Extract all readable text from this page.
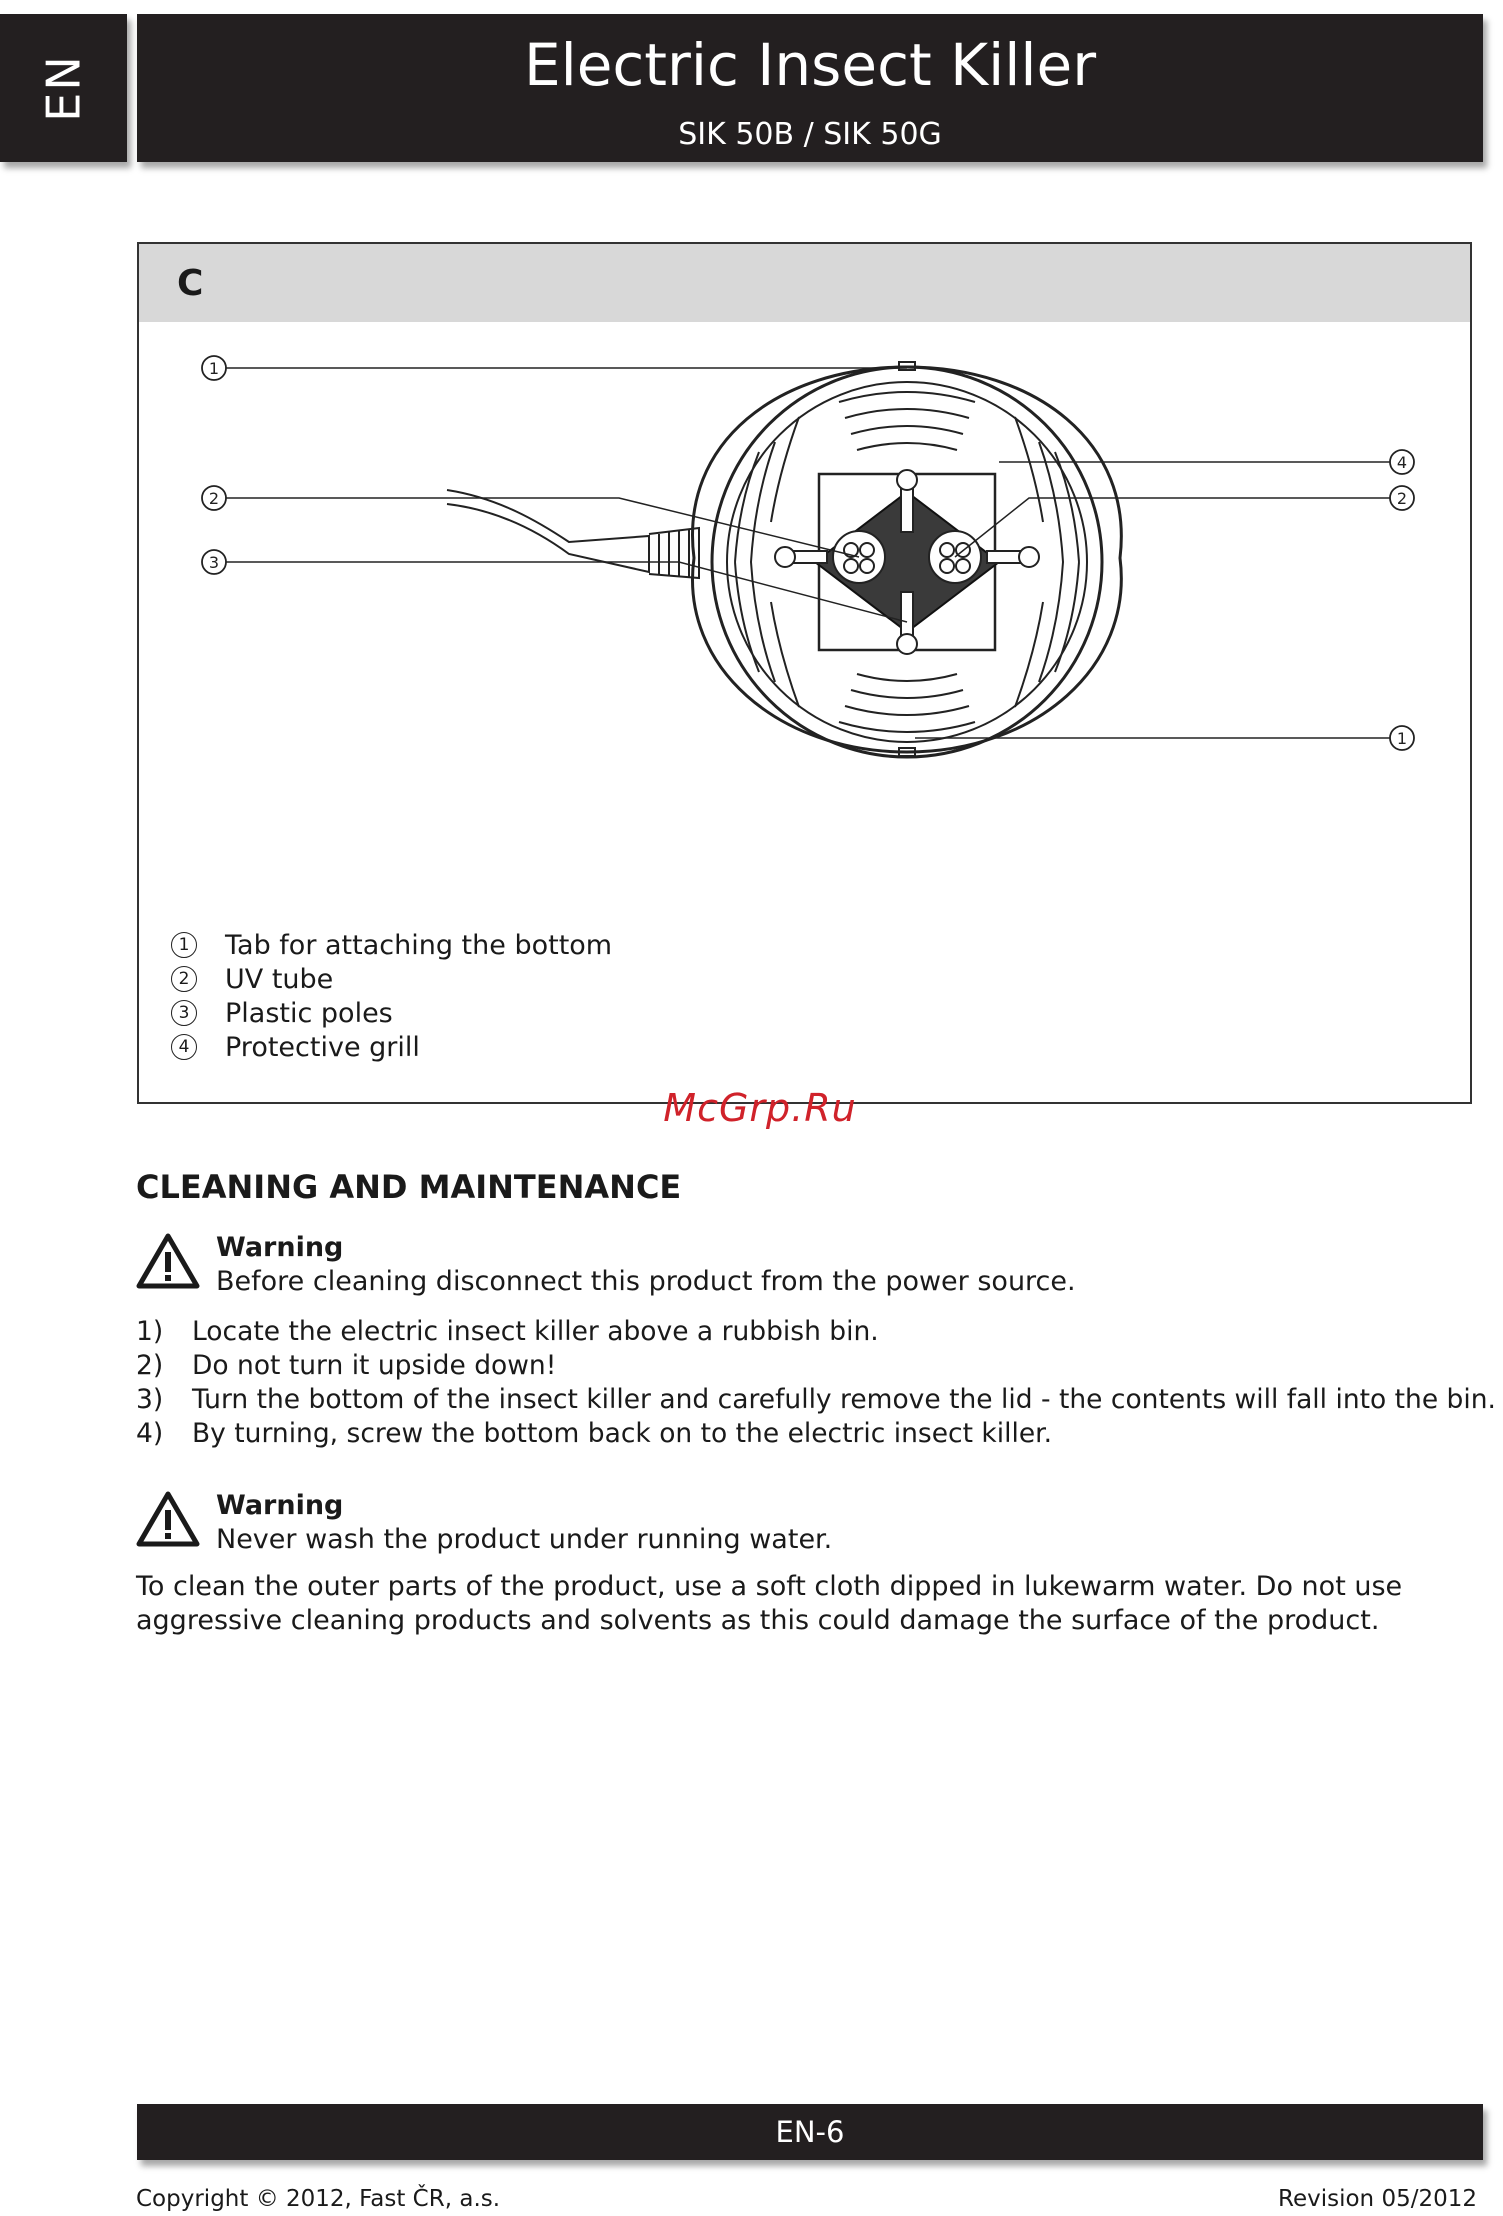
EN	Electric Insect Killer
SIK 50B / SIK 50G
C
1
2
3
4
2
1
1 Tab for attaching the bottom
2 UV tube
3 Plastic poles
4 Protective grill
McGrp.Ru
CLEANING AND MAINTENANCE
Warning
Before cleaning disconnect this product from the power source.
1)	Locate the electric insect killer above a rubbish bin.
2)	Do not turn it upside down!
3)	Turn the bottom of the insect killer and carefully remove the lid - the contents will fall into the bin.
4)	By turning, screw the bottom back on to the electric insect killer.
Warning
Never wash the product under running water.
To clean the outer parts of the product, use a soft cloth dipped in lukewarm water. Do not use aggressive cleaning products and solvents as this could damage the surface of the product.
EN-6
Copyright © 2012, Fast ČR, a.s.	Revision 05/2012
